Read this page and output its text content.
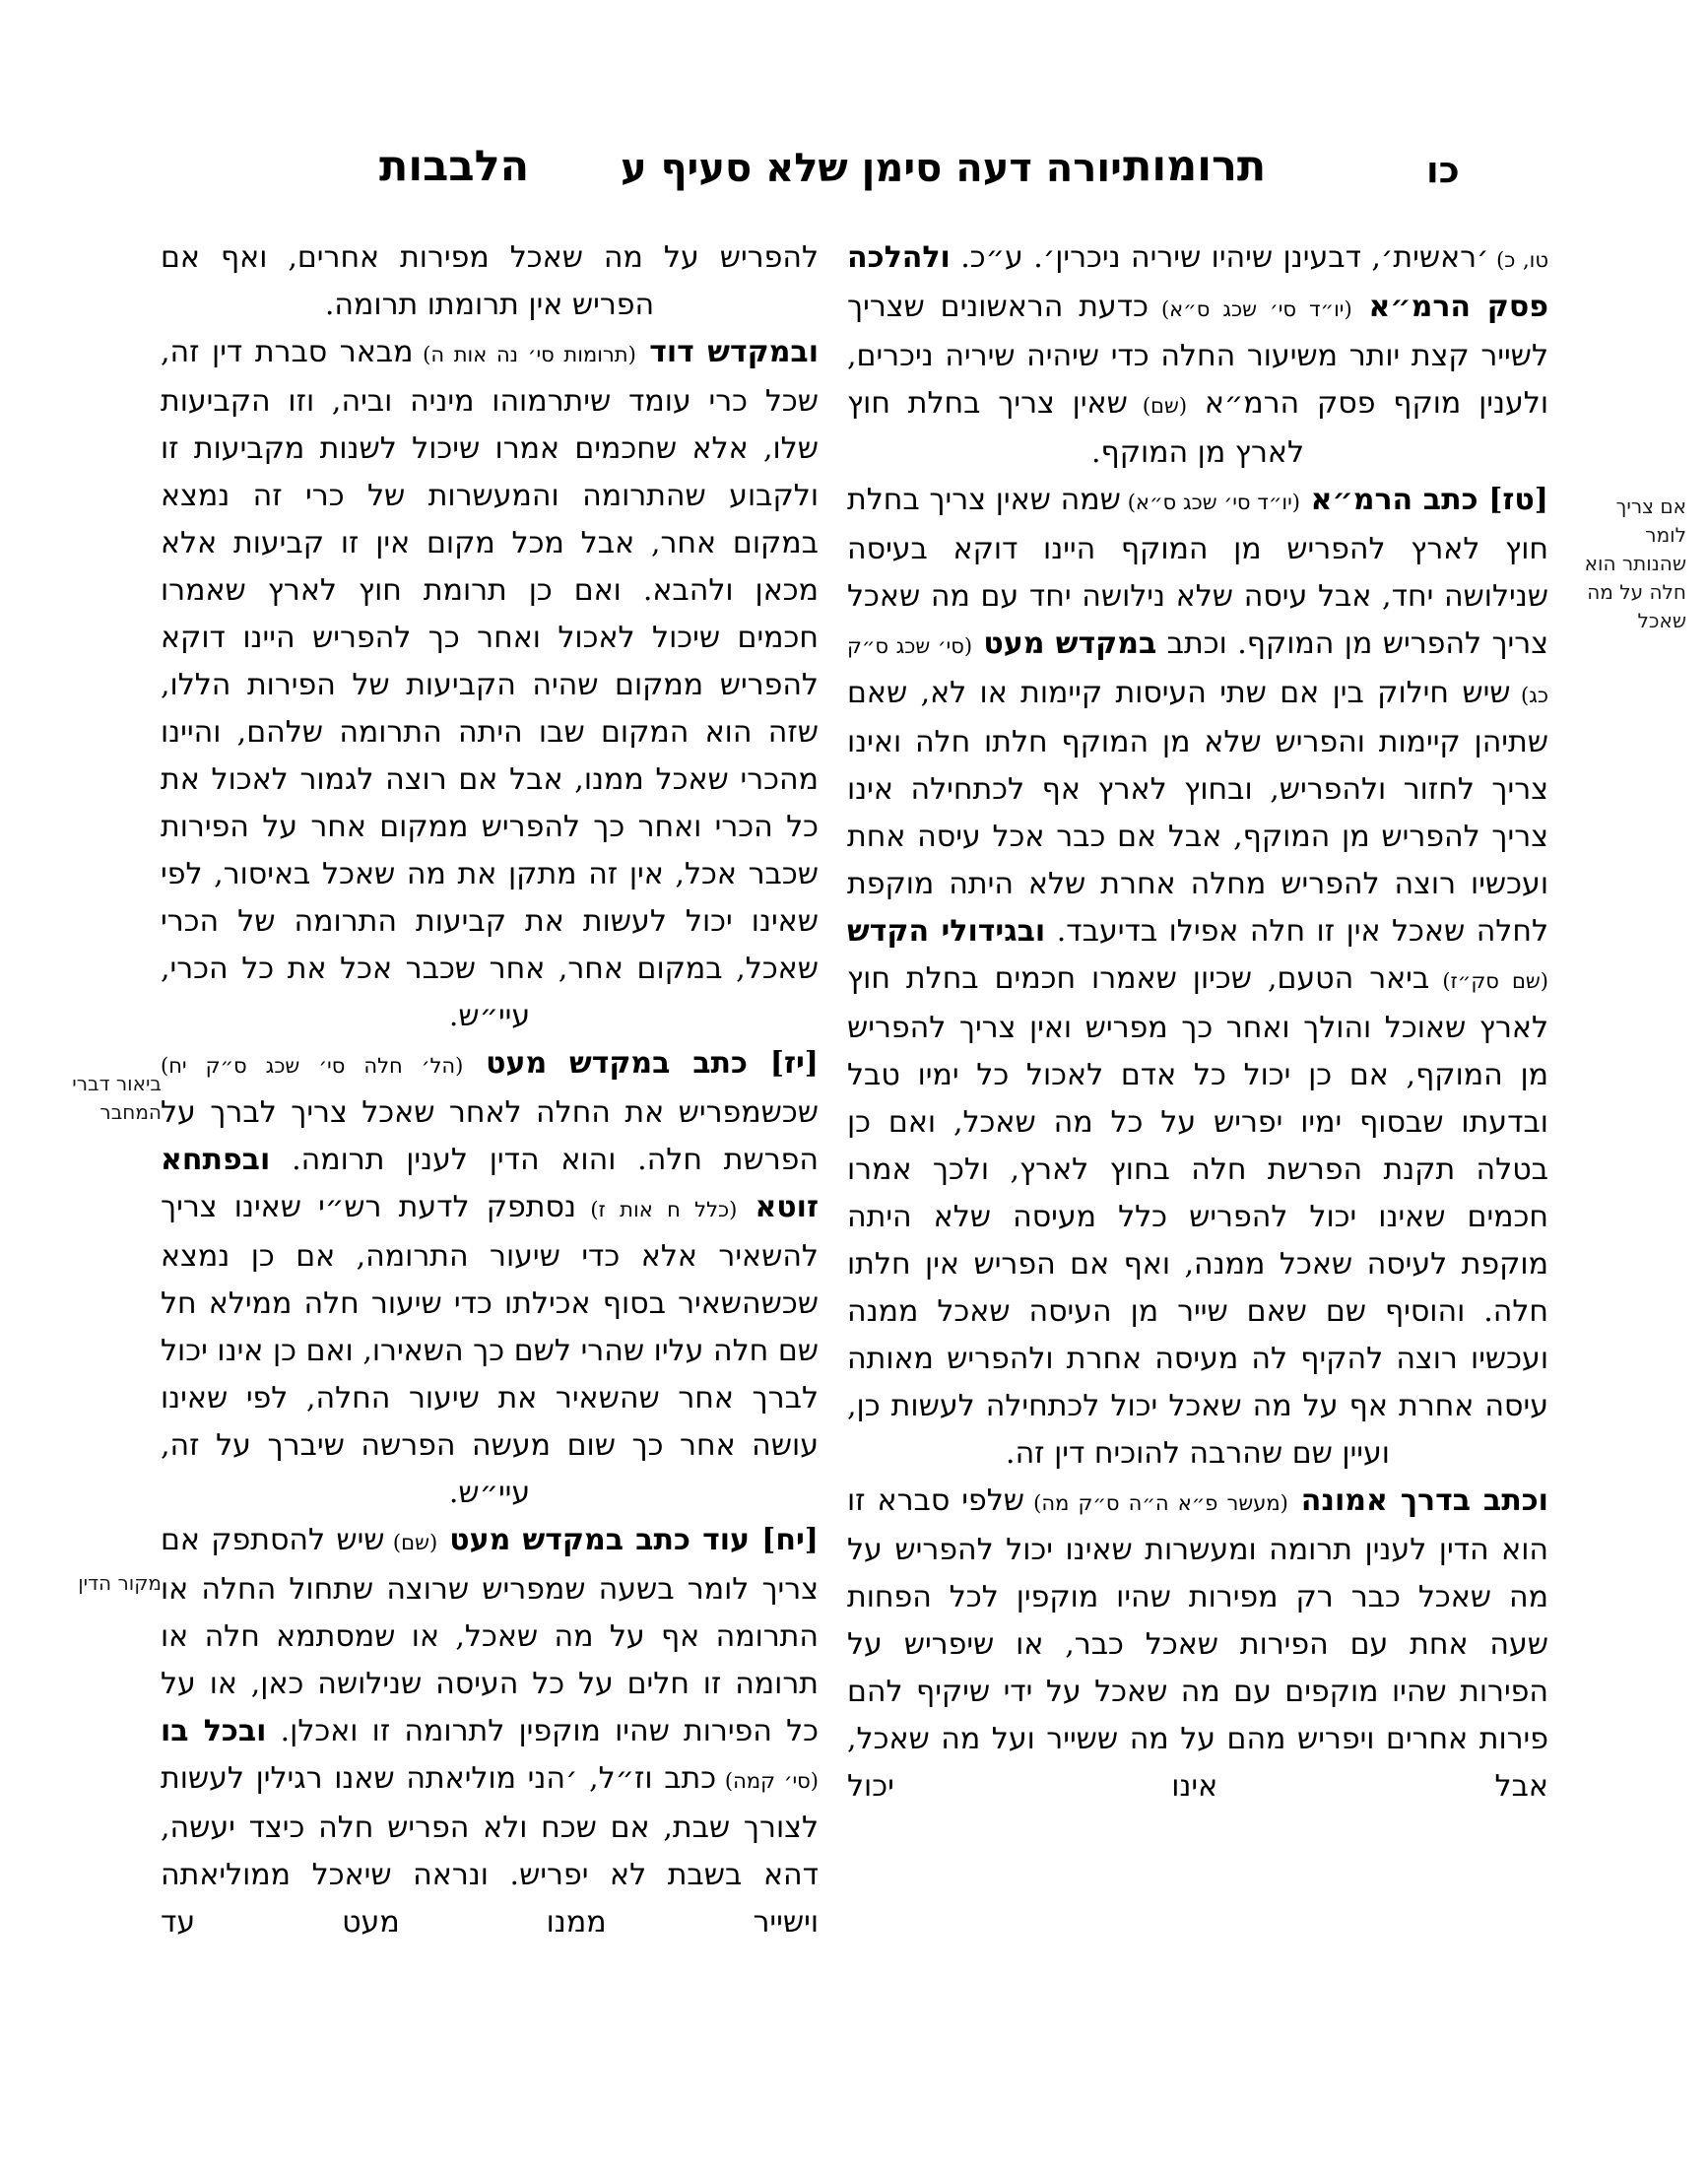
כו
תרומות
יורה דעה סימן שלא סעיף ע
הלבבות
טו, כ) ׳ראשית׳, דבעינן שיהיו שיריה ניכרין׳. ע״כ. ולהלכה פסק הרמ״א (יו״ד סי׳ שכג ס״א) כדעת הראשונים שצריך לשייר קצת יותר משיעור החלה כדי שיהיה שיריה ניכרים, ולענין מוקף פסק הרמ״א (שם) שאין צריך בחלת חוץ לארץ מן המוקף.
[טז] כתב הרמ״א (יו״ד סי׳ שכג ס״א) שמה שאין צריך בחלת חוץ לארץ להפריש מן המוקף היינו דוקא בעיסה שנילושה יחד, אבל עיסה שלא נילושה יחד עם מה שאכל צריך להפריש מן המוקף. וכתב במקדש מעט (סי׳ שכג ס״ק כג) שיש חילוק בין אם שתי העיסות קיימות או לא, שאם שתיהן קיימות והפריש שלא מן המוקף חלתו חלה ואינו צריך לחזור ולהפריש, ובחוץ לארץ אף לכתחילה אינו צריך להפריש מן המוקף, אבל אם כבר אכל עיסה אחת ועכשיו רוצה להפריש מחלה אחרת שלא היתה מוקפת לחלה שאכל אין זו חלה אפילו בדיעבד. ובגידולי הקדש (שם סק״ז) ביאר הטעם, שכיון שאמרו חכמים בחלת חוץ לארץ שאוכל והולך ואחר כך מפריש ואין צריך להפריש מן המוקף, אם כן יכול כל אדם לאכול כל ימיו טבל ובדעתו שבסוף ימיו יפריש על כל מה שאכל, ואם כן בטלה תקנת הפרשת חלה בחוץ לארץ, ולכך אמרו חכמים שאינו יכול להפריש כלל מעיסה שלא היתה מוקפת לעיסה שאכל ממנה, ואף אם הפריש אין חלתו חלה. והוסיף שם שאם שייר מן העיסה שאכל ממנה ועכשיו רוצה להקיף לה מעיסה אחרת ולהפריש מאותה עיסה אחרת אף על מה שאכל יכול לכתחילה לעשות כן, ועיין שם שהרבה להוכיח דין זה.
וכתב בדרך אמונה (מעשר פ״א ה״ה ס״ק מה) שלפי סברא זו הוא הדין לענין תרומה ומעשרות שאינו יכול להפריש על מה שאכל כבר רק מפירות שהיו מוקפין לכל הפחות שעה אחת עם הפירות שאכל כבר, או שיפריש על הפירות שהיו מוקפים עם מה שאכל על ידי שיקיף להם פירות אחרים ויפריש מהם על מה ששייר ועל מה שאכל, אבל אינו יכול
להפריש על מה שאכל מפירות אחרים, ואף אם הפריש אין תרומתו תרומה.
ובמקדש דוד (תרומות סי׳ נה אות ה) מבאר סברת דין זה, שכל כרי עומד שיתרמוהו מיניה וביה, וזו הקביעות שלו, אלא שחכמים אמרו שיכול לשנות מקביעות זו ולקבוע שהתרומה והמעשרות של כרי זה נמצא במקום אחר, אבל מכל מקום אין זו קביעות אלא מכאן ולהבא. ואם כן תרומת חוץ לארץ שאמרו חכמים שיכול לאכול ואחר כך להפריש היינו דוקא להפריש ממקום שהיה הקביעות של הפירות הללו, שזה הוא המקום שבו היתה התרומה שלהם, והיינו מהכרי שאכל ממנו, אבל אם רוצה לגמור לאכול את כל הכרי ואחר כך להפריש ממקום אחר על הפירות שכבר אכל, אין זה מתקן את מה שאכל באיסור, לפי שאינו יכול לעשות את קביעות התרומה של הכרי שאכל, במקום אחר, אחר שכבר אכל את כל הכרי, עיי״ש.
[יז] כתב במקדש מעט (הל׳ חלה סי׳ שכג ס״ק יח) שכשמפריש את החלה לאחר שאכל צריך לברך על הפרשת חלה. והוא הדין לענין תרומה. ובפתחא זוטא (כלל ח אות ז) נסתפק לדעת רש״י שאינו צריך להשאיר אלא כדי שיעור התרומה, אם כן נמצא שכשהשאיר בסוף אכילתו כדי שיעור חלה ממילא חל שם חלה עליו שהרי לשם כך השאירו, ואם כן אינו יכול לברך אחר שהשאיר את שיעור החלה, לפי שאינו עושה אחר כך שום מעשה הפרשה שיברך על זה, עיי״ש.
[יח] עוד כתב במקדש מעט (שם) שיש להסתפק אם צריך לומר בשעה שמפריש שרוצה שתחול החלה או התרומה אף על מה שאכל, או שמסתמא חלה או תרומה זו חלים על כל העיסה שנילושה כאן, או על כל הפירות שהיו מוקפין לתרומה זו ואכלן. ובכל בו (סי׳ קמה) כתב וז״ל, ׳הני מוליאתה שאנו רגילין לעשות לצורך שבת, אם שכח ולא הפריש חלה כיצד יעשה, דהא בשבת לא יפריש. ונראה שיאכל ממוליאתה וישייר ממנו מעט עד
אם צריך
לומר
שהנותר הוא
חלה על מה
שאכל
ביאור דברי
המחבר
מקור הדין
